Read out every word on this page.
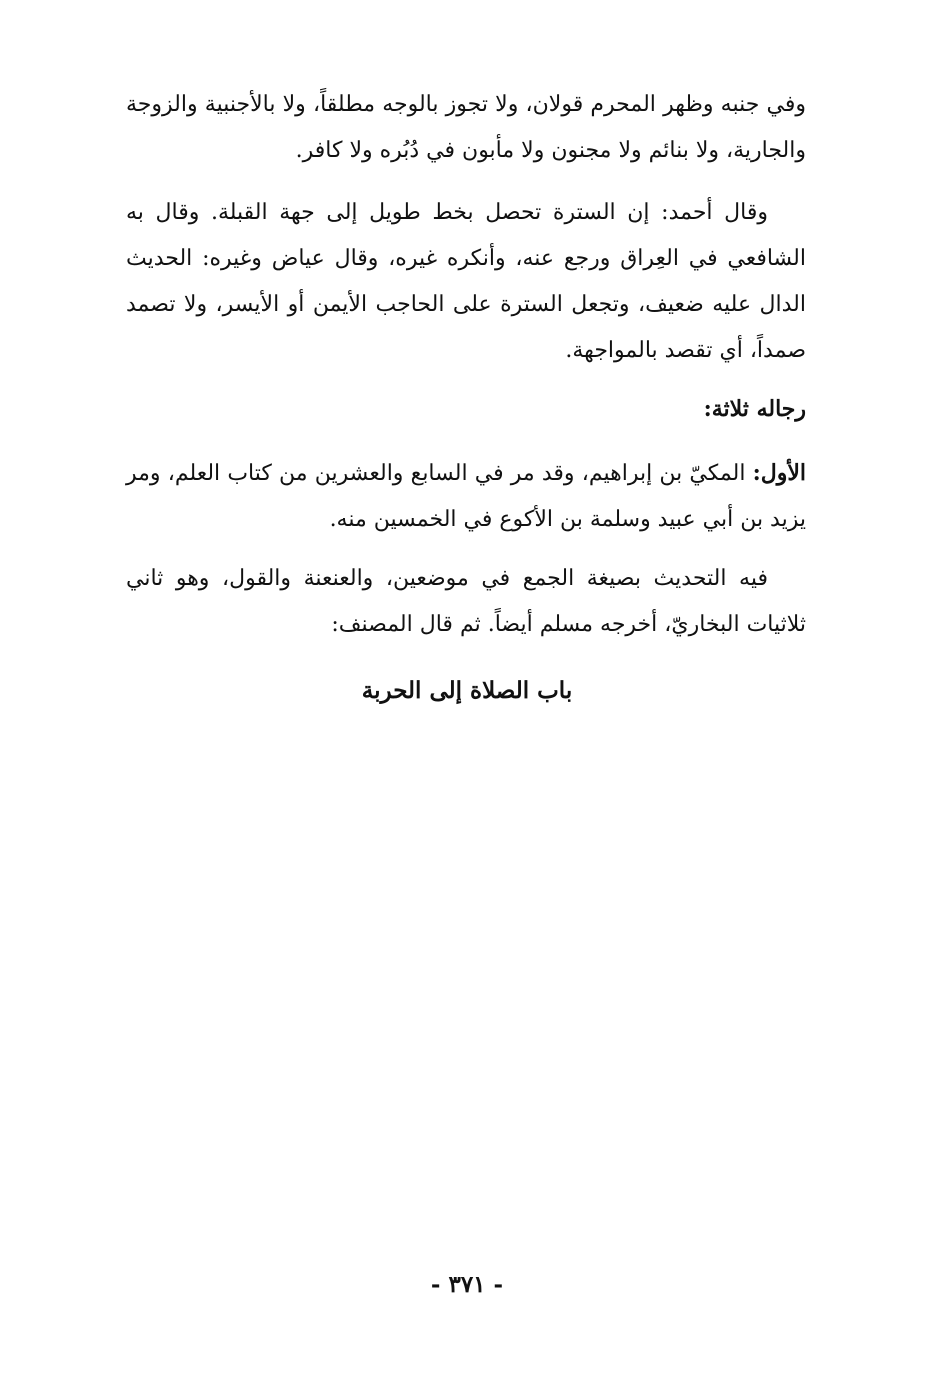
وفي جنبه وظهر المحرم قولان، ولا تجوز بالوجه مطلقاً، ولا بالأجنبية والزوجة والجارية، ولا بنائم ولا مجنون ولا مأبون في دُبُره ولا كافر.

وقال أحمد: إن السترة تحصل بخط طويل إلى جهة القبلة. وقال به الشافعي في العِراق ورجع عنه، وأنكره غيره، وقال عياض وغيره: الحديث الدال عليه ضعيف، وتجعل السترة على الحاجب الأيمن أو الأيسر، ولا تصمد صمداً، أي تقصد بالمواجهة.

رجاله ثلاثة:

الأول: المكيّ بن إبراهيم، وقد مر في السابع والعشرين من كتاب العلم، ومر يزيد بن أبي عبيد وسلمة بن الأكوع في الخمسين منه.

فيه التحديث بصيغة الجمع في موضعين، والعنعنة والقول، وهو ثاني ثلاثيات البخاريّ، أخرجه مسلم أيضاً. ثم قال المصنف:

باب الصلاة إلى الحربة
- ٣٧١ -
